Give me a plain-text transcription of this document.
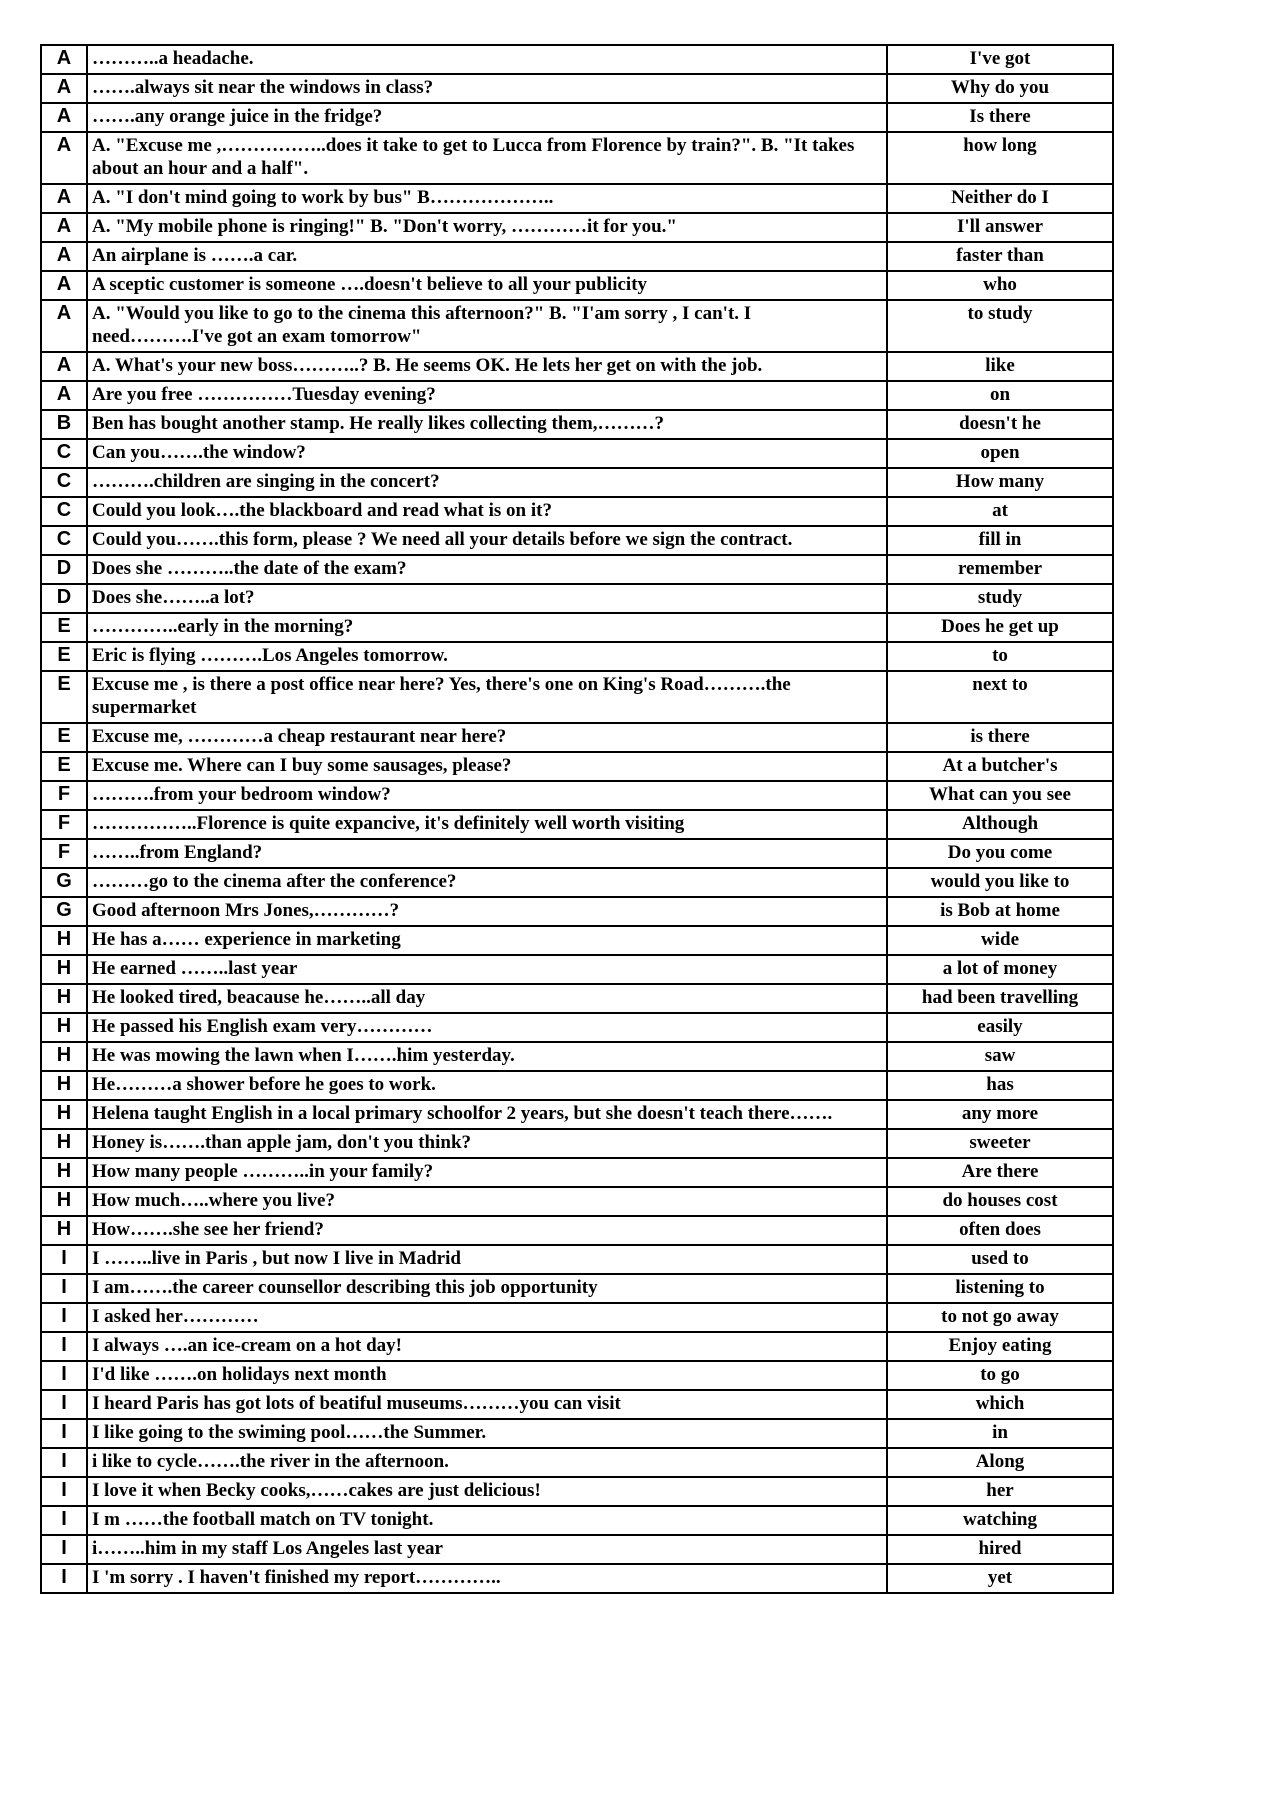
A	………..a headache.	I've got
A	…….always sit near the windows in class?	Why do you
A	…….any orange juice in the fridge?	Is there
A	A. "Excuse me ,……………..does it take to get to Lucca from Florence by train?". B. "It takes about an hour and a half".	how long
A	A. "I don't mind going to work by bus" B………………..	Neither do I
A	A. "My mobile phone is ringing!" B. "Don't worry, …………it for you."	I'll answer
A	An airplane is …….a car.	faster than
A	A sceptic customer is someone ….doesn't believe to all your publicity	who
A	A. "Would you like to go to the cinema this afternoon?" B. "I'am sorry , I can't. I need……….I've got an exam tomorrow"	to study
A	A. What's your new boss………..? B. He seems OK. He lets her get on with the job.	like
A	Are you free ……………Tuesday evening?	on
B	Ben has bought another stamp. He really likes collecting them,………?	doesn't he
C	Can you…….the window?	open
C	……….children are singing in the concert?	How many
C	Could you look….the blackboard and read what is on it?	at
C	Could you…….this form, please ? We need all your details before we sign the contract.	fill in
D	Does she ………..the date of the exam?	remember
D	Does she……..a lot?	study
E	…………..early in the morning?	Does he get up
E	Eric is flying ……….Los Angeles tomorrow.	to
E	Excuse me , is there a post office near here? Yes, there's one on King's Road……….the supermarket	next to
E	Excuse me, …………a cheap restaurant near here?	is there
E	Excuse me. Where can I buy some sausages, please?	At a butcher's
F	……….from your bedroom window?	What can you see
F	……………..Florence is quite expancive, it's definitely well worth visiting	Although
F	……..from England?	Do you come
G	………go to the cinema after the conference?	would you like to
G	Good afternoon Mrs Jones,…………?	is Bob at home
H	He has a…… experience in marketing	wide
H	He earned ……..last year	a lot of money
H	He looked tired, beacause he……..all day	had been travelling
H	He passed his English exam very…………	easily
H	He was mowing the lawn when I…….him yesterday.	saw
H	He………a shower before he goes to work.	has
H	Helena taught English in a local primary schoolfor 2 years, but she doesn't teach there…….	any more
H	Honey is…….than apple jam, don't you think?	sweeter
H	How many people ………..in your family?	Are there
H	How much…..where you live?	do houses cost
H	How…….she see her friend?	often does
I	I ……..live in Paris , but now I live in Madrid	used to
I	I am…….the career counsellor describing this job opportunity	listening to
I	I asked her…………	to not go away
I	I always ….an ice-cream on a hot day!	Enjoy eating
I	I'd like …….on holidays next month	to go
I	I heard Paris has got lots of beatiful museums………you can visit	which
I	I like going to the swiming pool……the Summer.	in
I	i like to cycle…….the river in the afternoon.	Along
I	I love it when Becky cooks,……cakes are just delicious!	her
I	I m ……the football match on TV tonight.	watching
I	i……..him in my staff Los Angeles last year	hired
I	I 'm sorry . I haven't finished my report…………..	yet
